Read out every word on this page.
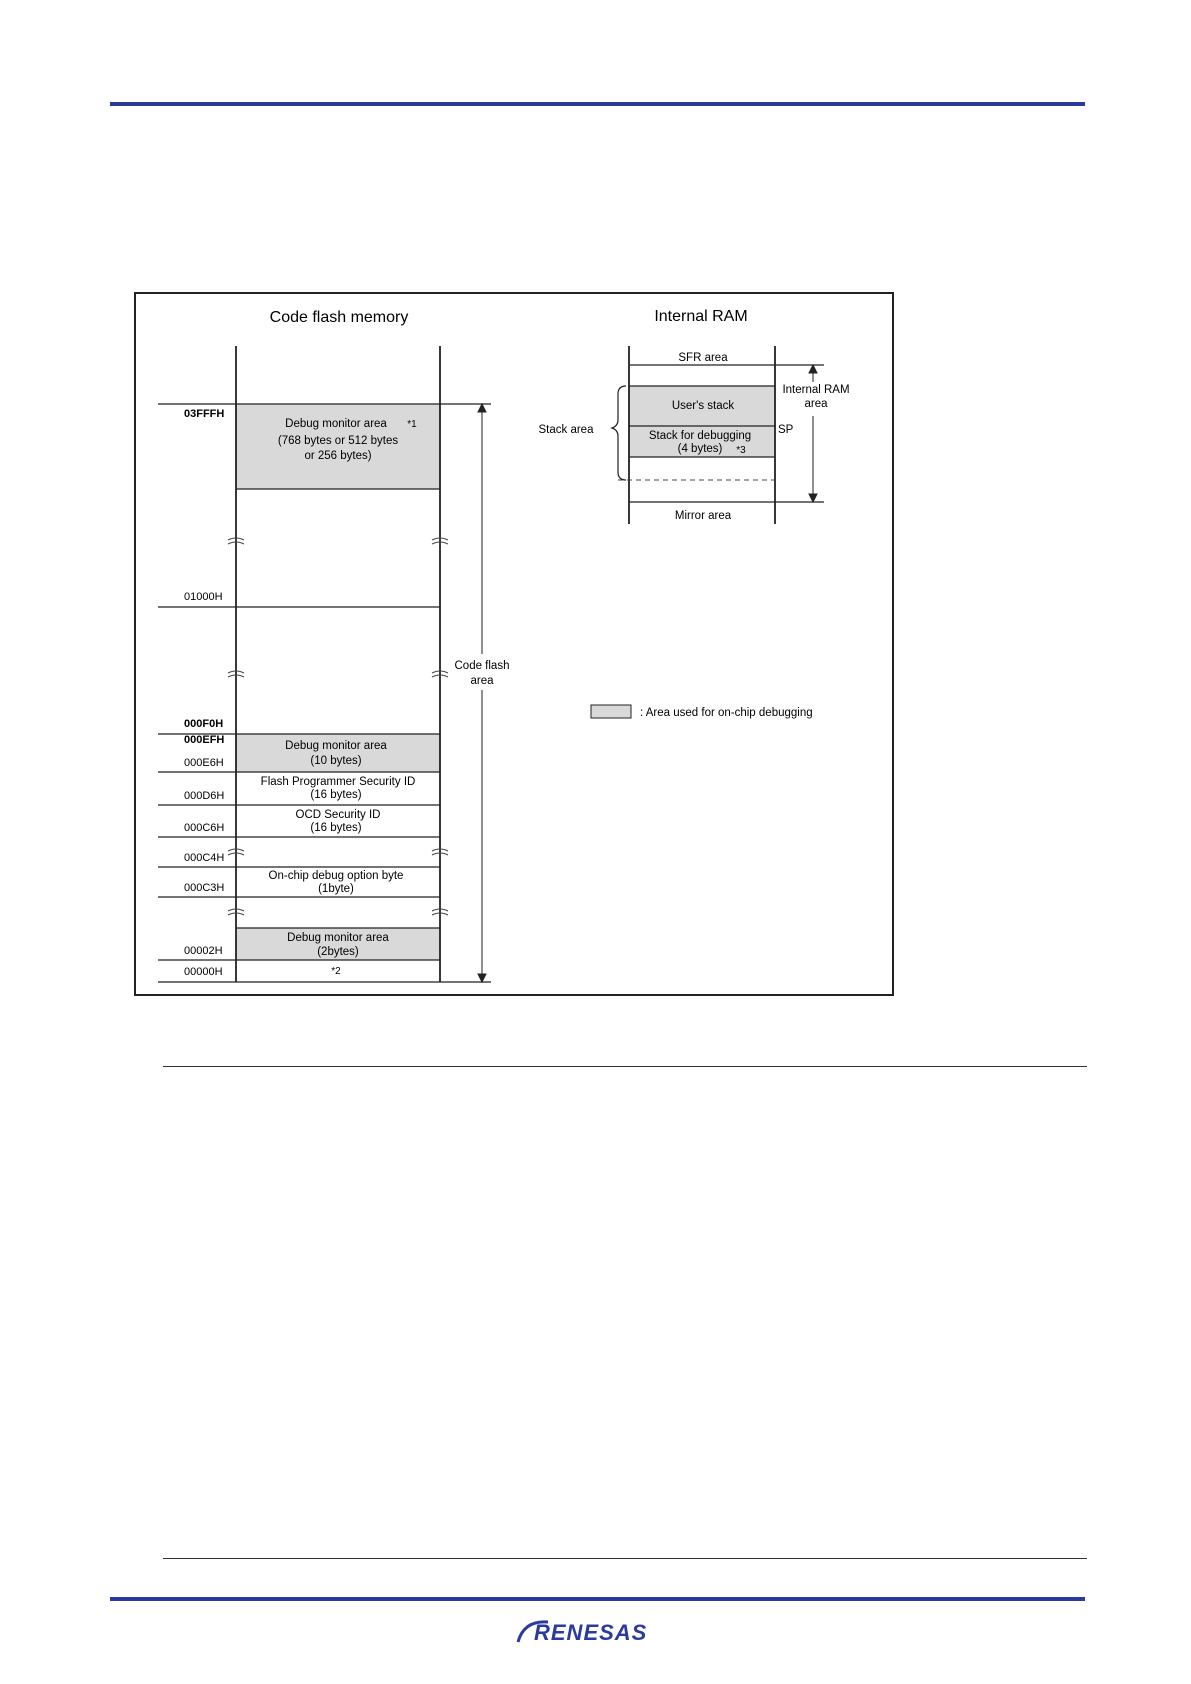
Code flash memory
03FFFH
01000H
000F0H
000EFH
000E6H
000D6H
000C6H
000C4H
000C3H
00002H
00000H
Debug monitor area *1
(768 bytes or 512 bytes
or 256 bytes)
Debug monitor area
(10 bytes)
Flash Programmer Security ID
(16 bytes)
OCD Security ID
(16 bytes)
On-chip debug option byte
(1byte)
Debug monitor area
(2bytes)
*2
Code flash
area
Internal RAM
SFR area
User's stack
Stack for debugging
(4 bytes) *3
Mirror area
Stack area	SP
Internal RAM
area
: Area used for on-chip debugging
RENESAS
